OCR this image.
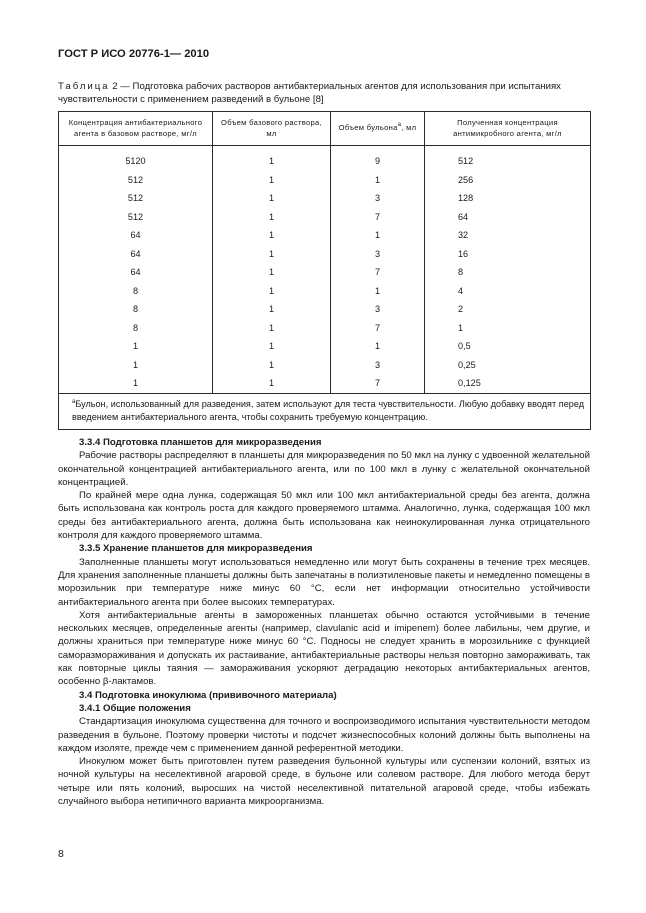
ГОСТ Р ИСО 20776-1— 2010
Таблица 2 — Подготовка рабочих растворов антибактериальных агентов для использования при испытаниях чувствительности с применением разведений в бульоне [8]
Концентрация антибактериального агента в базовом растворе, мг/л	Объем базового раствора, мл	Объем бульона$^а$, мл	Полученная концентрация антимикробного агента, мг/л
5120	1	9	512
512	1	1	256
512	1	3	128
512	1	7	64
64	1	1	32
64	1	3	16
64	1	7	8
8	1	1	4
8	1	3	2
8	1	7	1
1	1	1	0,5
1	1	3	0,25
1	1	7	0,125
$^а$Бульон, использованный для разведения, затем используют для теста чувствительности. Любую добавку вводят перед введением антибактериального агента, чтобы сохранить требуемую концентрацию.			

3.3.4 Подготовка планшетов для микроразведения

Рабочие растворы распределяют в планшеты для микроразведения по 50 мкл на лунку с удвоенной желательной окончательной концентрацией антибактериального агента, или по 100 мкл в лунку с желательной окончательной концентрацией.

По крайней мере одна лунка, содержащая 50 мкл или 100 мкл антибактериальной среды без агента, должна быть использована как контроль роста для каждого проверяемого штамма. Аналогично, лунка, содержащая 100 мкл среды без антибактериального агента, должна быть использована как неинокулированная лунка отрицательного контроля для каждого проверяемого штамма.

3.3.5 Хранение планшетов для микроразведения

Заполненные планшеты могут использоваться немедленно или могут быть сохранены в течение трех месяцев. Для хранения заполненные планшеты должны быть запечатаны в полиэтиленовые пакеты и немедленно помещены в морозильник при температуре ниже минус 60 °С, если нет информации относительно устойчивости антибактериального агента при более высоких температурах.

Хотя антибактериальные агенты в замороженных планшетах обычно остаются устойчивыми в течение нескольких месяцев, определенные агенты (например, clavulanic acid и imipenem) более лабильны, чем другие, и должны храниться при температуре ниже минус 60 °С. Подносы не следует хранить в морозильнике с функцией саморазмораживания и допускать их растаивание, антибактериальные растворы нельзя повторно замораживать, так как повторные циклы таяния — замораживания ускоряют деградацию некоторых антибактериальных агентов, особенно β-лактамов.

3.4 Подготовка инокулюма (прививочного материала)

3.4.1 Общие положения

Стандартизация инокулюма существенна для точного и воспроизводимого испытания чувствительности методом разведения в бульоне. Поэтому проверки чистоты и подсчет жизнеспособных колоний должны быть выполнены на каждом изоляте, прежде чем с применением данной референтной методики.

Инокулюм может быть приготовлен путем разведения бульонной культуры или суспензии колоний, взятых из ночной культуры на неселективной агаровой среде, в бульоне или солевом растворе. Для любого метода берут четыре или пять колоний, выросших на чистой неселективной питательной агаровой среде, чтобы избежать случайного выбора нетипичного варианта микроорганизма.

8
